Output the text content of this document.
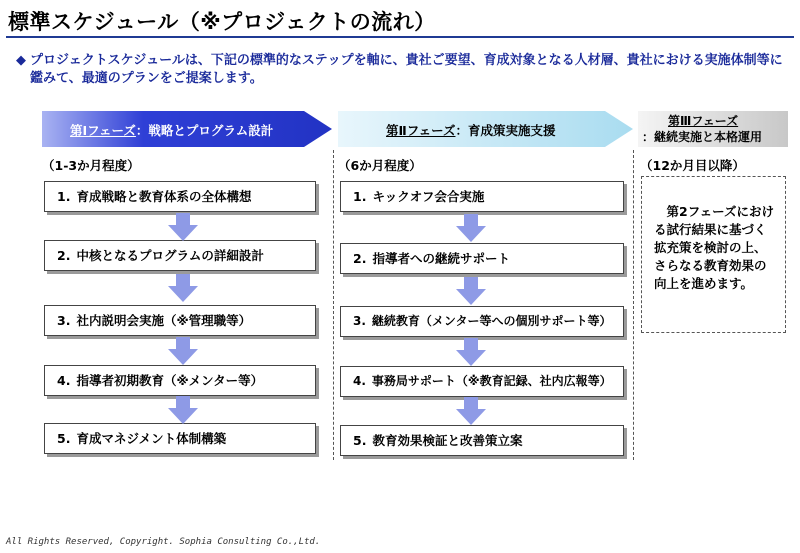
標準スケジュール（※プロジェクトの流れ）
◆ プロジェクトスケジュールは、下記の標準的なステップを軸に、貴社ご要望、育成対象となる人材層、貴社における実施体制等に鑑みて、最適のプランをご提案します。
第Ⅰフェーズ：戦略とプログラム設計	第Ⅱフェーズ：育成策実施支援
第Ⅲフェーズ
：継続実施と本格運用
（1-3か月程度）	（6か月程度）	（12か月目以降）
1. 育成戦略と教育体系の全体構想
2. 中核となるプログラムの詳細設計
3. 社内説明会実施（※管理職等）
4. 指導者初期教育（※メンター等）
5. 育成マネジメント体制構築
1. キックオフ会合実施
2. 指導者への継続サポート
3. 継続教育（メンター等への個別サポート等）
4. 事務局サポート（※教育記録、社内広報等）
5. 教育効果検証と改善策立案
第2フェーズにおける試行結果に基づく拡充策を検討の上、さらなる教育効果の向上を進めます。
All Rights Reserved, Copyright. Sophia Consulting Co.,Ltd.
